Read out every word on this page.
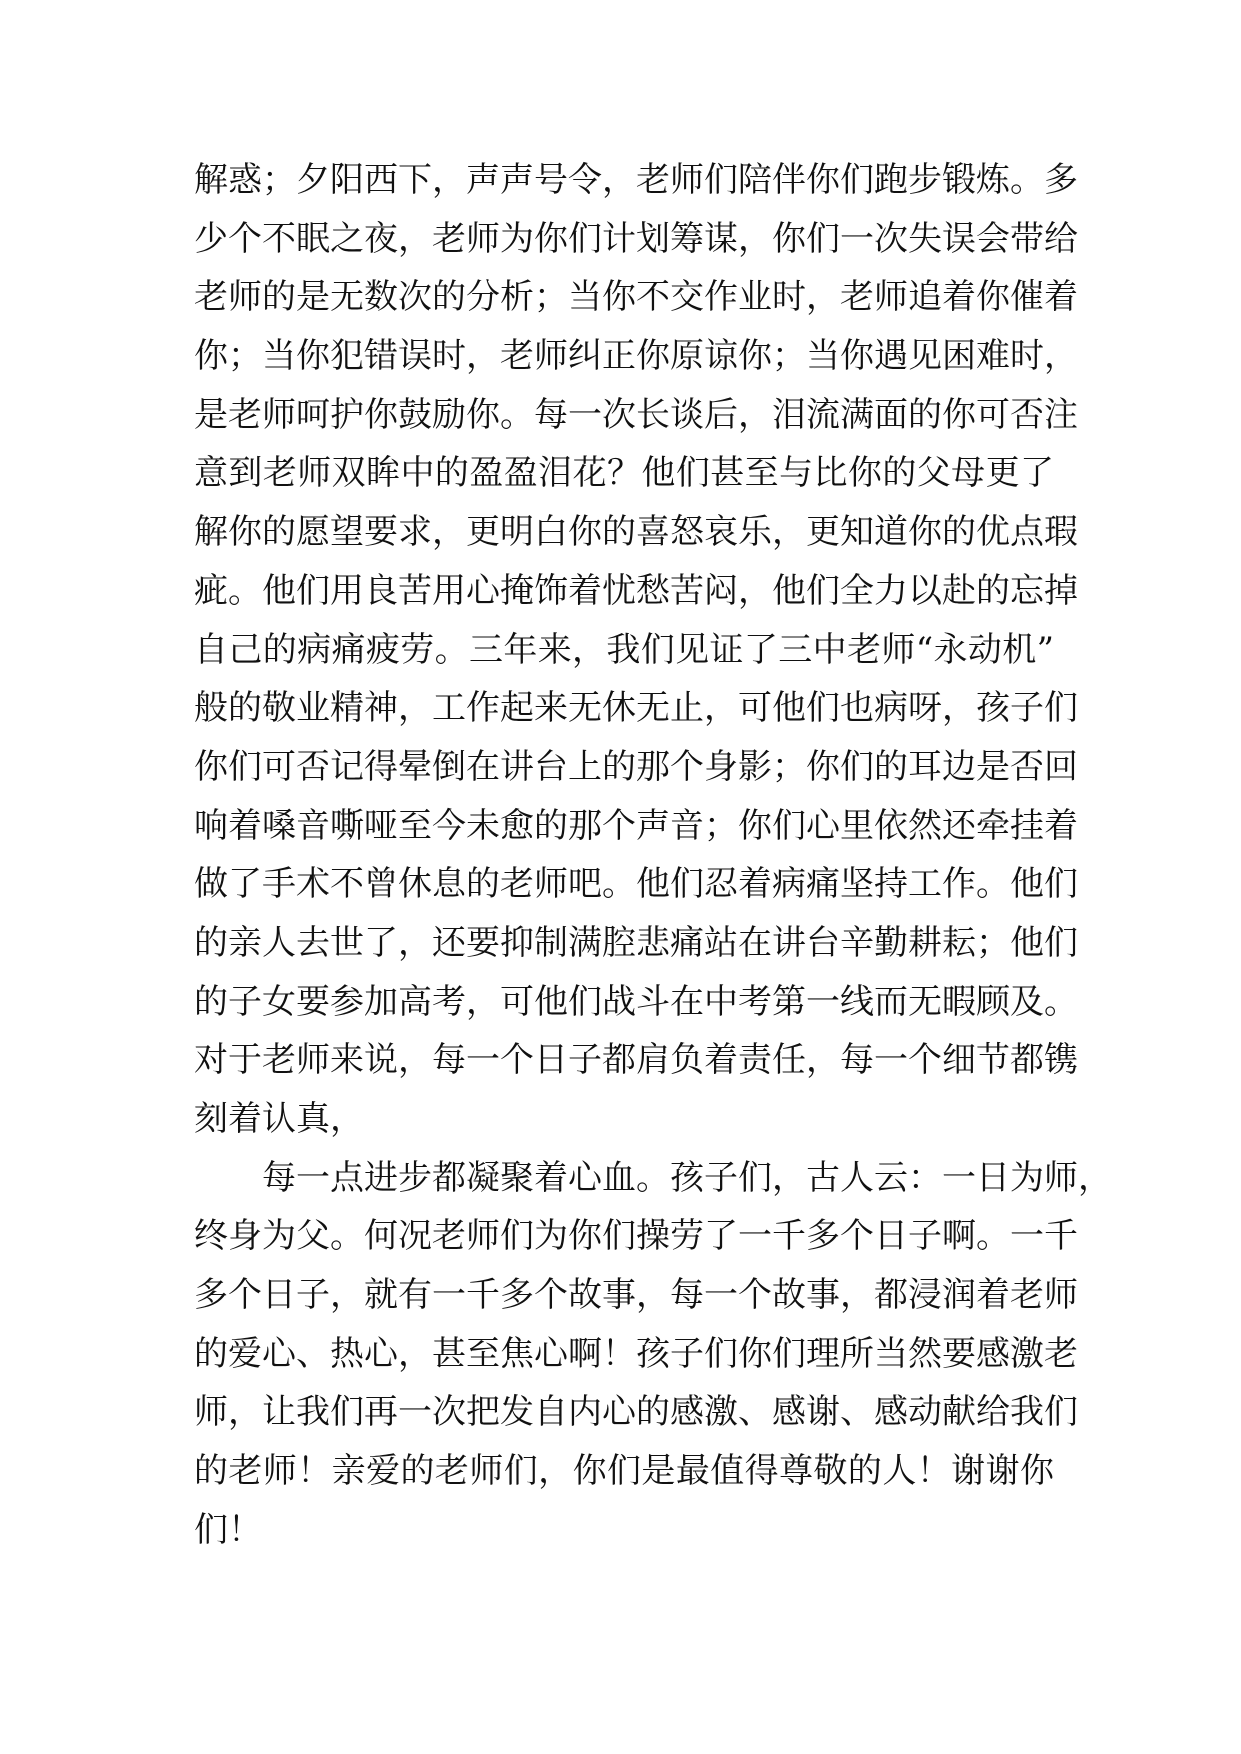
解惑；夕阳西下，声声号令，老师们陪伴你们跑步锻炼。多
少个不眠之夜，老师为你们计划筹谋，你们一次失误会带给
老师的是无数次的分析；当你不交作业时，老师追着你催着
你；当你犯错误时，老师纠正你原谅你；当你遇见困难时，
是老师呵护你鼓励你。每一次长谈后，泪流满面的你可否注
意到老师双眸中的盈盈泪花？他们甚至与比你的父母更了
解你的愿望要求，更明白你的喜怒哀乐，更知道你的优点瑕
疵。他们用良苦用心掩饰着忧愁苦闷，他们全力以赴的忘掉
自己的病痛疲劳。三年来，我们见证了三中老师“永动机”
般的敬业精神，工作起来无休无止，可他们也病呀，孩子们
你们可否记得晕倒在讲台上的那个身影；你们的耳边是否回
响着嗓音嘶哑至今未愈的那个声音；你们心里依然还牵挂着
做了手术不曾休息的老师吧。他们忍着病痛坚持工作。他们
的亲人去世了，还要抑制满腔悲痛站在讲台辛勤耕耘；他们
的子女要参加高考，可他们战斗在中考第一线而无暇顾及。
对于老师来说，每一个日子都肩负着责任，每一个细节都镌
刻着认真，
每一点进步都凝聚着心血。孩子们，古人云：一日为师，
终身为父。何况老师们为你们操劳了一千多个日子啊。一千
多个日子，就有一千多个故事，每一个故事，都浸润着老师
的爱心、热心，甚至焦心啊！孩子们你们理所当然要感激老
师，让我们再一次把发自内心的感激、感谢、感动献给我们
的老师！亲爱的老师们，你们是最值得尊敬的人！谢谢你
们！
